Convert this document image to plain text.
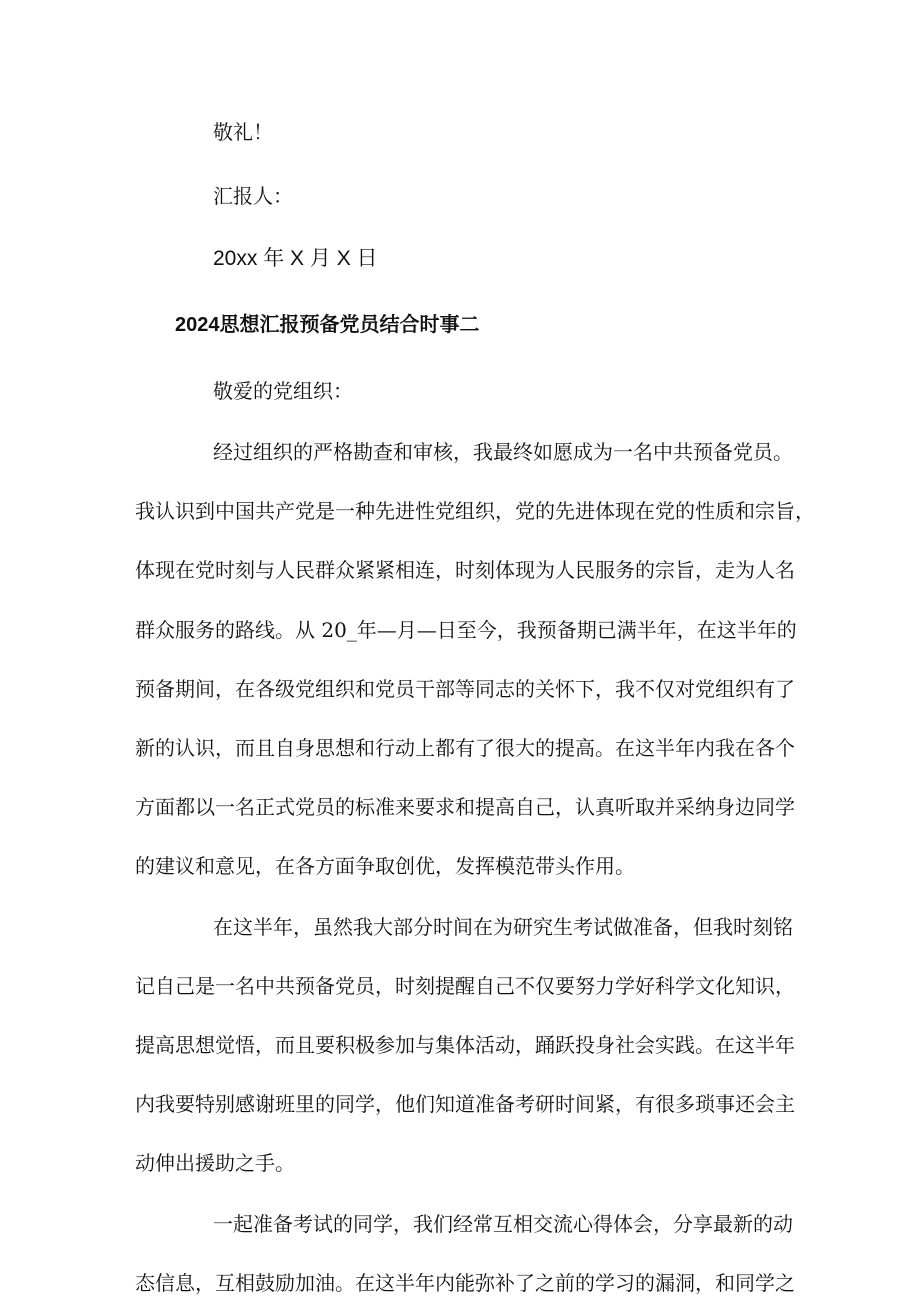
敬礼！

汇报人：

20xx 年 X 月 X 日

2024思想汇报预备党员结合时事二

敬爱的党组织：

经过组织的严格勘查和审核，我最终如愿成为一名中共预备党员。

我认识到中国共产党是一种先进性党组织，党的先进体现在党的性质和宗旨，

体现在党时刻与人民群众紧紧相连，时刻体现为人民服务的宗旨，走为人名

群众服务的路线。从 20_年—月—日至今，我预备期已满半年，在这半年的

预备期间，在各级党组织和党员干部等同志的关怀下，我不仅对党组织有了

新的认识，而且自身思想和行动上都有了很大的提高。在这半年内我在各个

方面都以一名正式党员的标准来要求和提高自己，认真听取并采纳身边同学

的建议和意见，在各方面争取创优，发挥模范带头作用。

在这半年，虽然我大部分时间在为研究生考试做准备，但我时刻铭

记自己是一名中共预备党员，时刻提醒自己不仅要努力学好科学文化知识，

提高思想觉悟，而且要积极参加与集体活动，踊跃投身社会实践。在这半年

内我要特别感谢班里的同学，他们知道准备考研时间紧，有很多琐事还会主

动伸出援助之手。

一起准备考试的同学，我们经常互相交流心得体会，分享最新的动

态信息，互相鼓励加油。在这半年内能弥补了之前的学习的漏洞，和同学之
